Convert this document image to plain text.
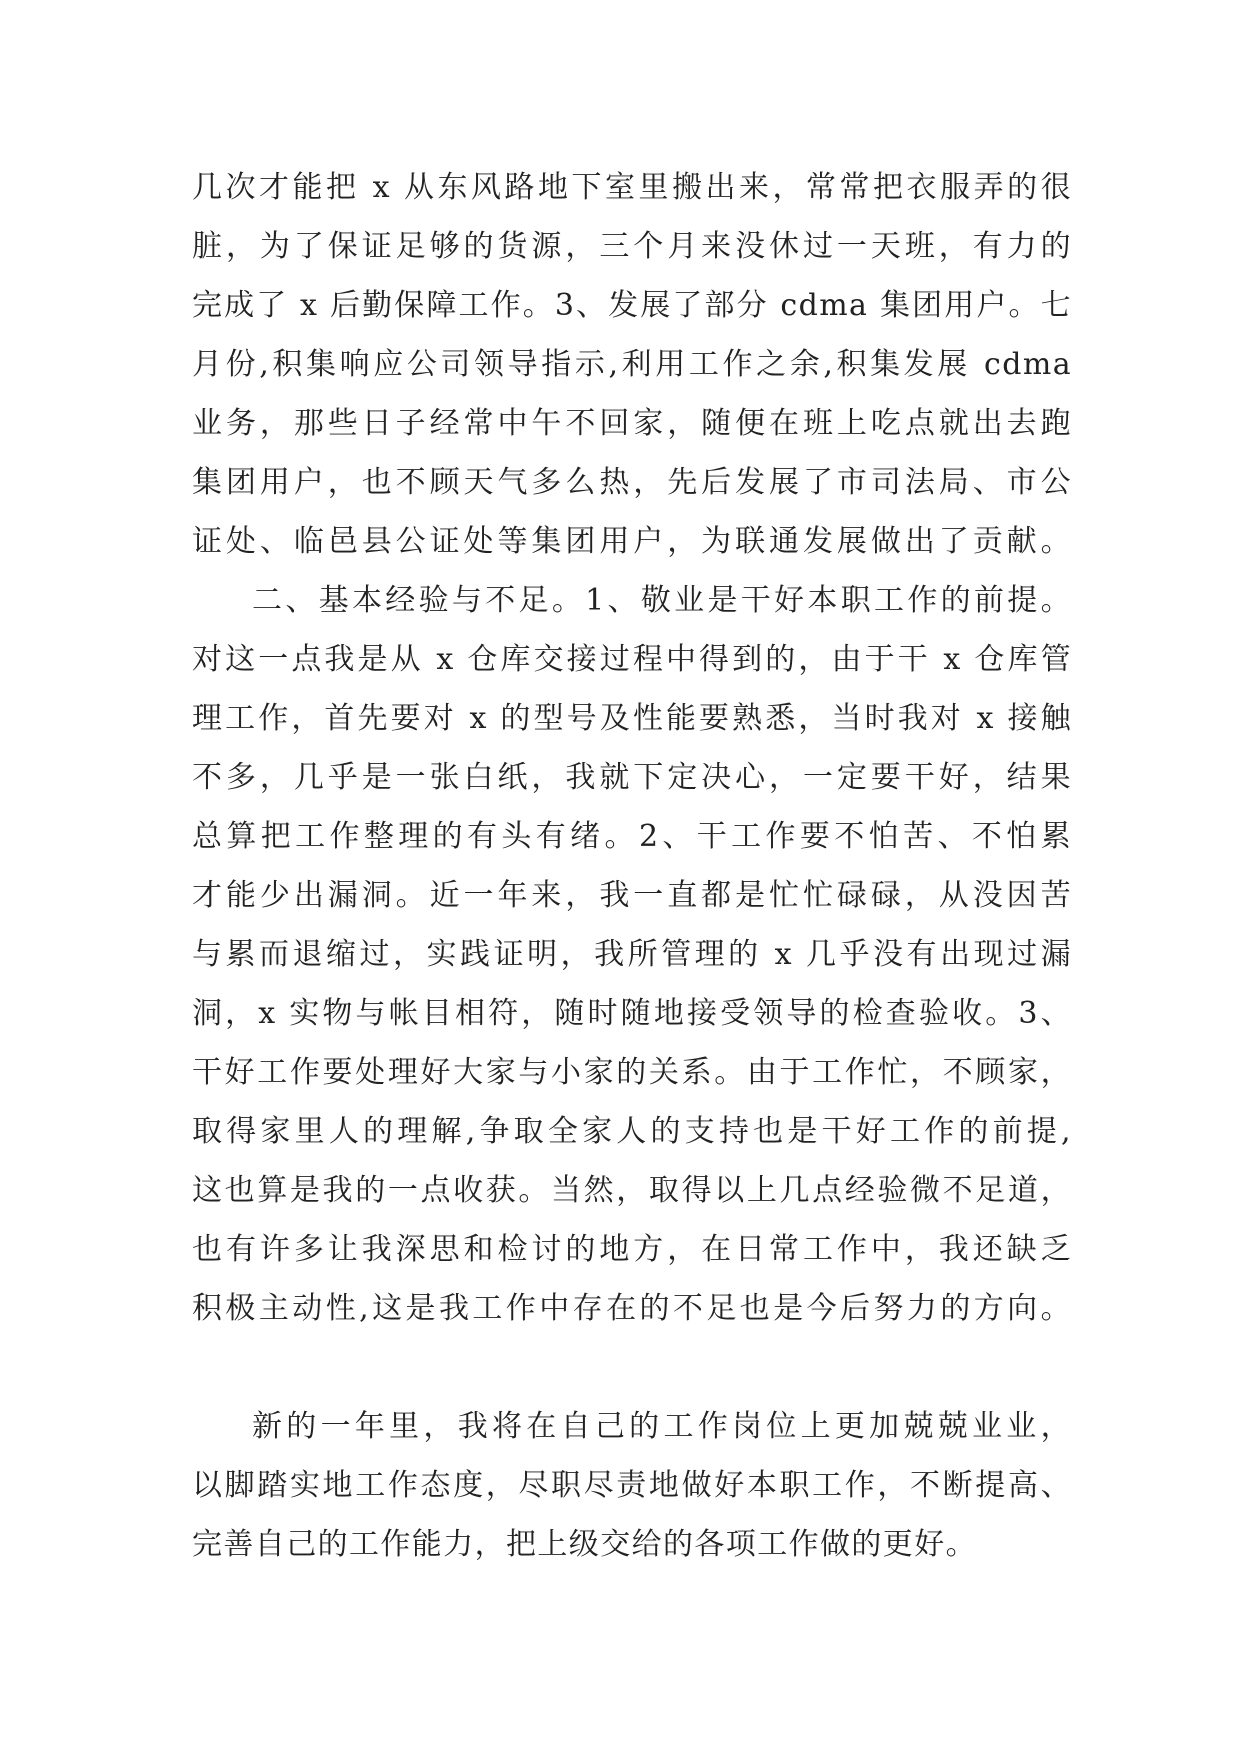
几次才能把 x 从东风路地下室里搬出来，常常把衣服弄的很
脏，为了保证足够的货源，三个月来没休过一天班，有力的
完成了 x 后勤保障工作。3、发展了部分 cdma 集团用户。七
月份,积集响应公司领导指示,利用工作之余,积集发展 cdma
业务，那些日子经常中午不回家，随便在班上吃点就出去跑
集团用户，也不顾天气多么热，先后发展了市司法局、市公
证处、临邑县公证处等集团用户，为联通发展做出了贡献。
二、基本经验与不足。1、敬业是干好本职工作的前提。
对这一点我是从 x 仓库交接过程中得到的，由于干 x 仓库管
理工作，首先要对 x 的型号及性能要熟悉，当时我对 x 接触
不多，几乎是一张白纸，我就下定决心，一定要干好，结果
总算把工作整理的有头有绪。2、干工作要不怕苦、不怕累
才能少出漏洞。近一年来，我一直都是忙忙碌碌，从没因苦
与累而退缩过，实践证明，我所管理的 x 几乎没有出现过漏
洞，x 实物与帐目相符，随时随地接受领导的检查验收。3、
干好工作要处理好大家与小家的关系。由于工作忙，不顾家，
取得家里人的理解,争取全家人的支持也是干好工作的前提,
这也算是我的一点收获。当然，取得以上几点经验微不足道，
也有许多让我深思和检讨的地方，在日常工作中，我还缺乏
积极主动性,这是我工作中存在的不足也是今后努力的方向。
新的一年里，我将在自己的工作岗位上更加兢兢业业，
以脚踏实地工作态度，尽职尽责地做好本职工作，不断提高、
完善自己的工作能力，把上级交给的各项工作做的更好。
